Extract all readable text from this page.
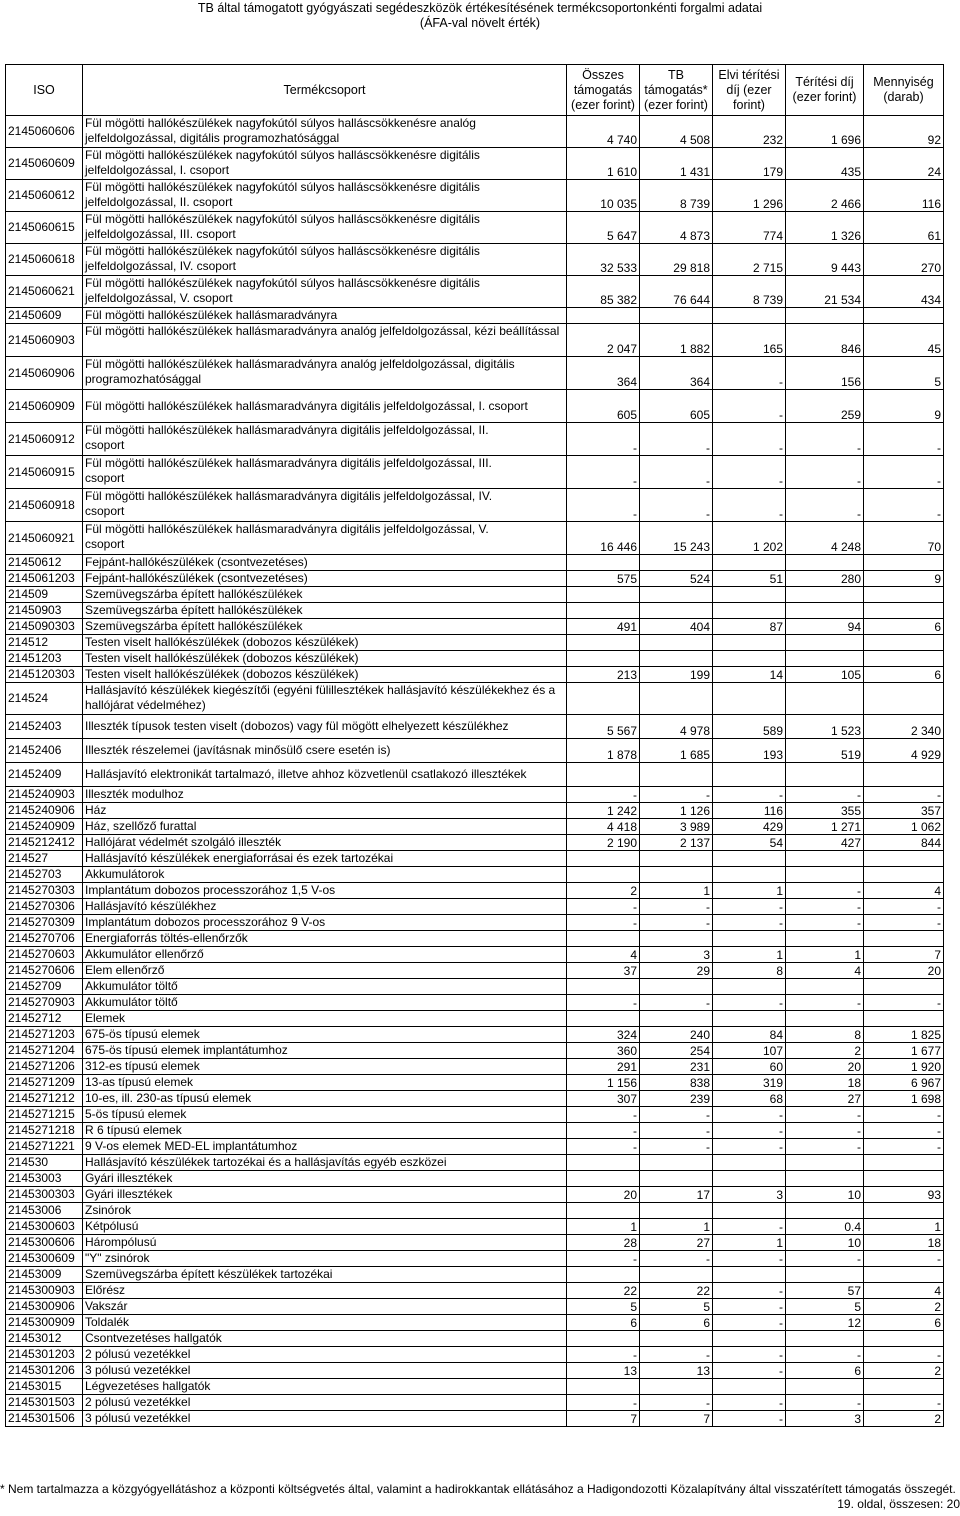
TB által támogatott gyógyászati segédeszközök értékesítésének termékcsoportonkénti forgalmi adatai
(ÁFA-val növelt érték)
ISO	Termékcsoport	Összes támogatás (ezer forint)	TB támogatás* (ezer forint)	Elvi térítési díj (ezer forint)	Térítési díj (ezer forint)	Mennyiség (darab)
2145060606	Fül mögötti hallókészülékek nagyfokútól súlyos halláscsökkenésre analóg jelfeldolgozással, digitális programozhatósággal	4 740	4 508	232	1 696	92
2145060609	Fül mögötti hallókészülékek nagyfokútól súlyos halláscsökkenésre digitális jelfeldolgozással, I. csoport	1 610	1 431	179	435	24
2145060612	Fül mögötti hallókészülékek nagyfokútól súlyos halláscsökkenésre digitális jelfeldolgozással, II. csoport	10 035	8 739	1 296	2 466	116
2145060615	Fül mögötti hallókészülékek nagyfokútól súlyos halláscsökkenésre digitális jelfeldolgozással, III. csoport	5 647	4 873	774	1 326	61
2145060618	Fül mögötti hallókészülékek nagyfokútól súlyos halláscsökkenésre digitális jelfeldolgozással, IV. csoport	32 533	29 818	2 715	9 443	270
2145060621	Fül mögötti hallókészülékek nagyfokútól súlyos halláscsökkenésre digitális jelfeldolgozással, V. csoport	85 382	76 644	8 739	21 534	434
21450609	Fül mögötti hallókészülékek hallásmaradványra					
2145060903	Fül mögötti hallókészülékek hallásmaradványra analóg jelfeldolgozással, kézi beállítással	2 047	1 882	165	846	45
2145060906	Fül mögötti hallókészülékek hallásmaradványra analóg jelfeldolgozással, digitális programozhatósággal	364	364	-	156	5
2145060909	Fül mögötti hallókészülékek hallásmaradványra digitális jelfeldolgozással, I. csoport	605	605	-	259	9
2145060912	Fül mögötti hallókészülékek hallásmaradványra digitális jelfeldolgozással, II. csoport	-	-	-	-	-
2145060915	Fül mögötti hallókészülékek hallásmaradványra digitális jelfeldolgozással, III. csoport	-	-	-	-	-
2145060918	Fül mögötti hallókészülékek hallásmaradványra digitális jelfeldolgozással, IV. csoport	-	-	-	-	-
2145060921	Fül mögötti hallókészülékek hallásmaradványra digitális jelfeldolgozással, V. csoport	16 446	15 243	1 202	4 248	70
21450612	Fejpánt-hallókészülékek (csontvezetéses)					
2145061203	Fejpánt-hallókészülékek (csontvezetéses)	575	524	51	280	9
214509	Szemüvegszárba épített hallókészülékek					
21450903	Szemüvegszárba épített hallókészülékek					
2145090303	Szemüvegszárba épített hallókészülékek	491	404	87	94	6
214512	Testen viselt hallókészülékek (dobozos készülékek)					
21451203	Testen viselt hallókészülékek (dobozos készülékek)					
2145120303	Testen viselt hallókészülékek (dobozos készülékek)	213	199	14	105	6
214524	Hallásjavító készülékek kiegészítői (egyéni fülillesztékek hallásjavító készülékekhez és a hallójárat védelméhez)					
21452403	Illeszték típusok testen viselt (dobozos) vagy fül mögött elhelyezett készülékhez	5 567	4 978	589	1 523	2 340
21452406	Illeszték részelemei (javításnak minősülő csere esetén is)	1 878	1 685	193	519	4 929
21452409	Hallásjavító elektronikát tartalmazó, illetve ahhoz közvetlenül csatlakozó illesztékek					
2145240903	Illeszték modulhoz	-	-	-	-	-
2145240906	Ház	1 242	1 126	116	355	357
2145240909	Ház, szellőző furattal	4 418	3 989	429	1 271	1 062
2145212412	Hallójárat védelmét szolgáló illeszték	2 190	2 137	54	427	844
214527	Hallásjavító készülékek energiaforrásai és ezek tartozékai					
21452703	Akkumulátorok					
2145270303	Implantátum dobozos processzorához 1,5 V-os	2	1	1	-	4
2145270306	Hallásjavító készülékhez	-	-	-	-	-
2145270309	Implantátum dobozos processzorához 9 V-os	-	-	-	-	-
2145270706	Energiaforrás töltés-ellenőrzők					
2145270603	Akkumulátor ellenőrző	4	3	1	1	7
2145270606	Elem ellenőrző	37	29	8	4	20
21452709	Akkumulátor töltő					
2145270903	Akkumulátor töltő	-	-	-	-	-
21452712	Elemek					
2145271203	675-ös típusú elemek	324	240	84	8	1 825
2145271204	675-ös típusú elemek implantátumhoz	360	254	107	2	1 677
2145271206	312-es típusú elemek	291	231	60	20	1 920
2145271209	13-as típusú elemek	1 156	838	319	18	6 967
2145271212	10-es, ill. 230-as típusú elemek	307	239	68	27	1 698
2145271215	5-ös típusú elemek	-	-	-	-	-
2145271218	R 6 típusú elemek	-	-	-	-	-
2145271221	9 V-os elemek MED-EL implantátumhoz	-	-	-	-	-
214530	Hallásjavító készülékek tartozékai és a hallásjavítás egyéb eszközei					
21453003	Gyári illesztékek					
2145300303	Gyári illesztékek	20	17	3	10	93
21453006	Zsinórok					
2145300603	Kétpólusú	1	1	-	0.4	1
2145300606	Hárompólusú	28	27	1	10	18
2145300609	"Y" zsinórok	-	-	-	-	-
21453009	Szemüvegszárba épített készülékek tartozékai					
2145300903	Előrész	22	22	-	57	4
2145300906	Vakszár	5	5	-	5	2
2145300909	Toldalék	6	6	-	12	6
21453012	Csontvezetéses hallgatók					
2145301203	2 pólusú vezetékkel	-	-	-	-	-
2145301206	3 pólusú vezetékkel	13	13	-	6	2
21453015	Légvezetéses hallgatók					
2145301503	2 pólusú vezetékkel	-	-	-	-	-
2145301506	3 pólusú vezetékkel	7	7	-	3	2
* Nem tartalmazza a közgyógyellátáshoz a központi költségvetés által, valamint a hadirokkantak ellátásához a Hadigondozotti Közalapítvány által visszatérített támogatás összegét.
19. oldal, összesen: 20
